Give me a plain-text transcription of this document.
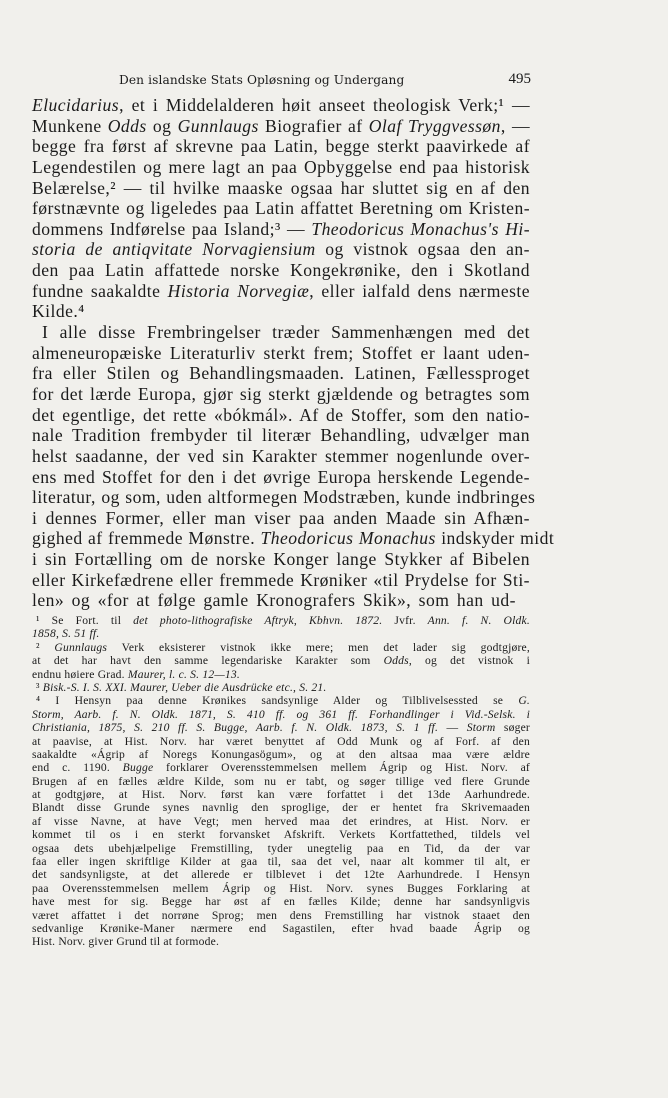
Den islandske Stats Opløsning og Undergang	495
Elucidarius, et i Middelalderen høit anseet theologisk Verk;¹ —
Munkene Odds og Gunnlaugs Biografier af Olaf Tryggvessøn, —
begge fra først af skrevne paa Latin, begge sterkt paavirkede af
Legendestilen og mere lagt an paa Opbyggelse end paa historisk
Belærelse,² — til hvilke maaske ogsaa har sluttet sig en af den
førstnævnte og ligeledes paa Latin affattet Beretning om Kristen-
dommens Indførelse paa Island;³ — Theodoricus Monachus's Hi-
storia de antiqvitate Norvagiensium og vistnok ogsaa den an-
den paa Latin affattede norske Kongekrønike, den i Skotland
fundne saakaldte Historia Norvegiæ, eller ialfald dens nærmeste
Kilde.⁴
I alle disse Frembringelser træder Sammenhængen med det
almeneuropæiske Literaturliv sterkt frem; Stoffet er laant uden-
fra eller Stilen og Behandlingsmaaden. Latinen, Fællessproget
for det lærde Europa, gjør sig sterkt gjældende og betragtes som
det egentlige, det rette «bókmál». Af de Stoffer, som den natio-
nale Tradition frembyder til literær Behandling, udvælger man
helst saadanne, der ved sin Karakter stemmer nogenlunde over-
ens med Stoffet for den i det øvrige Europa herskende Legende-
literatur, og som, uden altformegen Modstræben, kunde indbringes
i dennes Former, eller man viser paa anden Maade sin Afhæn-
gighed af fremmede Mønstre. Theodoricus Monachus indskyder midt
i sin Fortælling om de norske Konger lange Stykker af Bibelen
eller Kirkefædrene eller fremmede Krøniker «til Prydelse for Sti-
len» og «for at følge gamle Kronografers Skik», som han ud-
¹ Se Fort. til det photo-lithografiske Aftryk, Kbhvn. 1872. Jvfr. Ann. f. N. Oldk.
1858, S. 51 ff.
² Gunnlaugs Verk eksisterer vistnok ikke mere; men det lader sig godtgjøre,
at det har havt den samme legendariske Karakter som Odds, og det vistnok i
endnu høiere Grad. Maurer, l. c. S. 12—13.
³ Bisk.-S. I. S. XXI. Maurer, Ueber die Ausdrücke etc., S. 21.
⁴ I Hensyn paa denne Krønikes sandsynlige Alder og Tilblivelsessted se G.
Storm, Aarb. f. N. Oldk. 1871, S. 410 ff. og 361 ff. Forhandlinger i Vid.-Selsk. i
Christiania, 1875, S. 210 ff. S. Bugge, Aarb. f. N. Oldk. 1873, S. 1 ff. — Storm søger
at paavise, at Hist. Norv. har været benyttet af Odd Munk og af Forf. af den
saakaldte «Ágrip af Noregs Konungasögum», og at den altsaa maa være ældre
end c. 1190. Bugge forklarer Overensstemmelsen mellem Ágrip og Hist. Norv. af
Brugen af en fælles ældre Kilde, som nu er tabt, og søger tillige ved flere Grunde
at godtgjøre, at Hist. Norv. først kan være forfattet i det 13de Aarhundrede.
Blandt disse Grunde synes navnlig den sproglige, der er hentet fra Skrivemaaden
af visse Navne, at have Vegt; men herved maa det erindres, at Hist. Norv. er
kommet til os i en sterkt forvansket Afskrift. Verkets Kortfattethed, tildels vel
ogsaa dets ubehjælpelige Fremstilling, tyder unegtelig paa en Tid, da der var
faa eller ingen skriftlige Kilder at gaa til, saa det vel, naar alt kommer til alt, er
det sandsynligste, at det allerede er tilblevet i det 12te Aarhundrede. I Hensyn
paa Overensstemmelsen mellem Ágrip og Hist. Norv. synes Bugges Forklaring at
have mest for sig. Begge har øst af en fælles Kilde; denne har sandsynligvis
været affattet i det norrøne Sprog; men dens Fremstilling har vistnok staaet den
sedvanlige Krønike-Maner nærmere end Sagastilen, efter hvad baade Ágrip og
Hist. Norv. giver Grund til at formode.
